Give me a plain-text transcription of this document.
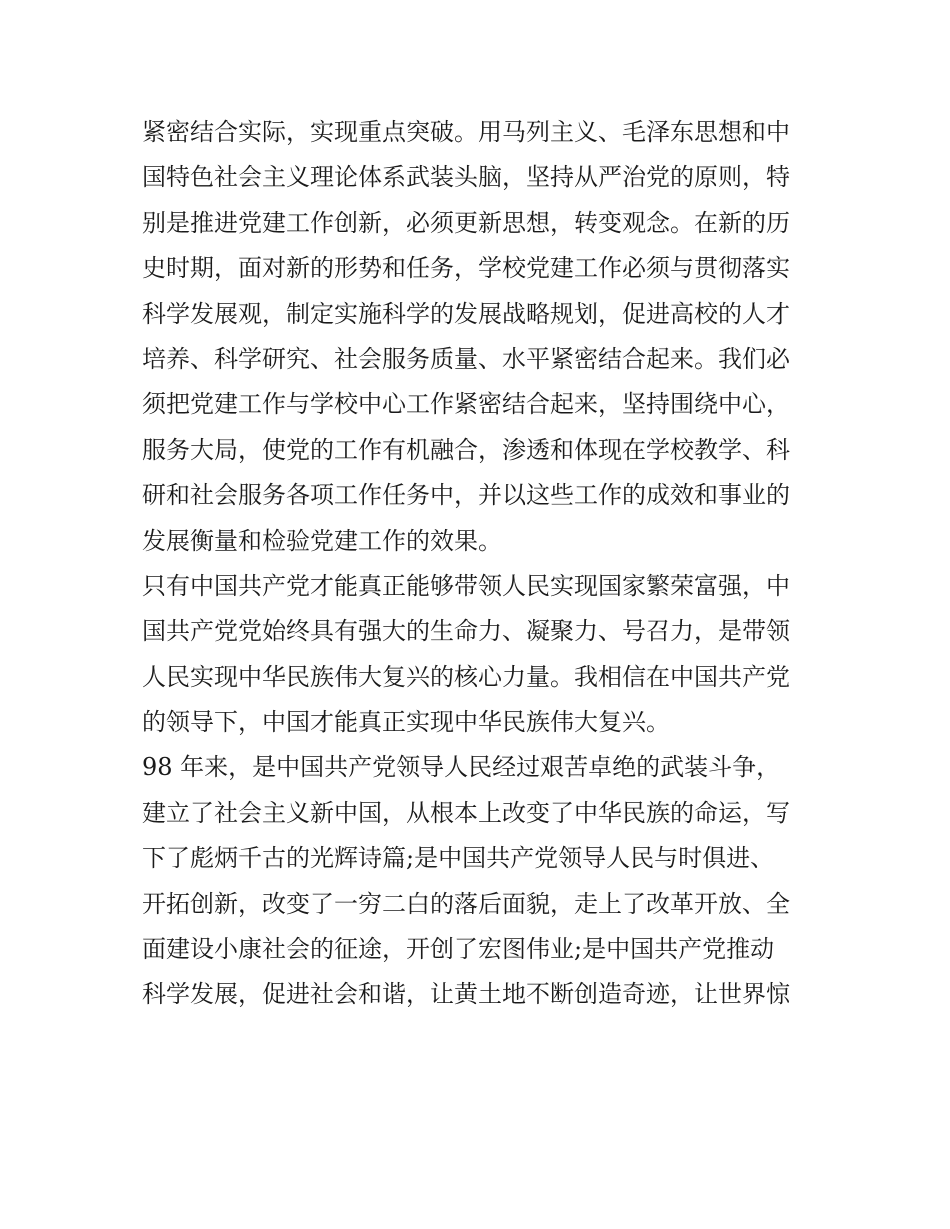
紧密结合实际，实现重点突破。用马列主义、毛泽东思想和中
国特色社会主义理论体系武装头脑，坚持从严治党的原则，特
别是推进党建工作创新，必须更新思想，转变观念。在新的历
史时期，面对新的形势和任务，学校党建工作必须与贯彻落实
科学发展观，制定实施科学的发展战略规划，促进高校的人才
培养、科学研究、社会服务质量、水平紧密结合起来。我们必
须把党建工作与学校中心工作紧密结合起来，坚持围绕中心，
服务大局，使党的工作有机融合，渗透和体现在学校教学、科
研和社会服务各项工作任务中，并以这些工作的成效和事业的
发展衡量和检验党建工作的效果。
只有中国共产党才能真正能够带领人民实现国家繁荣富强，中
国共产党党始终具有强大的生命力、凝聚力、号召力，是带领
人民实现中华民族伟大复兴的核心力量。我相信在中国共产党
的领导下，中国才能真正实现中华民族伟大复兴。
98 年来，是中国共产党领导人民经过艰苦卓绝的武装斗争，
建立了社会主义新中国，从根本上改变了中华民族的命运，写
下了彪炳千古的光辉诗篇;是中国共产党领导人民与时俱进、
开拓创新，改变了一穷二白的落后面貌，走上了改革开放、全
面建设小康社会的征途，开创了宏图伟业;是中国共产党推动
科学发展，促进社会和谐，让黄土地不断创造奇迹，让世界惊
